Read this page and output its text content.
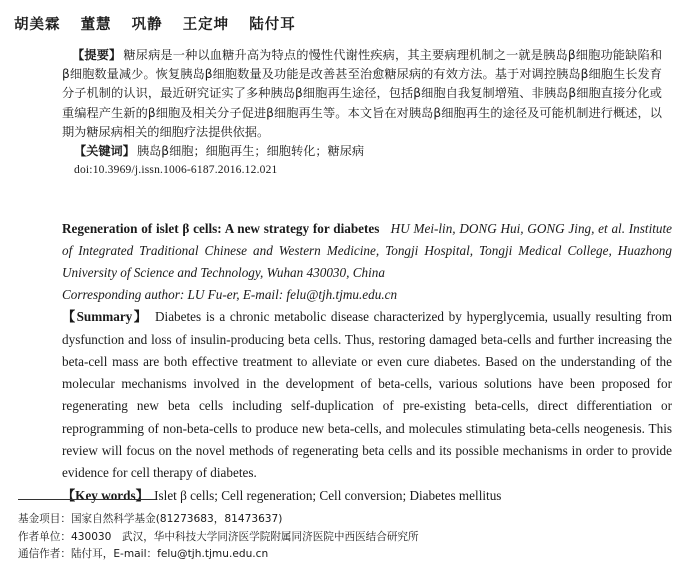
胡美霖 董慧 巩静 王定坤 陆付耳

【提要】 糖尿病是一种以血糖升高为特点的慢性代谢性疾病，其主要病理机制之一就是胰岛β细胞功能缺陷和β细胞数量减少。恢复胰岛β细胞数量及功能是改善甚至治愈糖尿病的有效方法。基于对调控胰岛β细胞生长发育分子机制的认识，最近研究证实了多种胰岛β细胞再生途径，包括β细胞自我复制增殖、非胰岛β细胞直接分化或重编程产生新的β细胞及相关分子促进β细胞再生等。本文旨在对胰岛β细胞再生的途径及可能机制进行概述，以期为糖尿病相关的细胞疗法提供依据。

【关键词】 胰岛β细胞；细胞再生；细胞转化；糖尿病

doi:10.3969/j.issn.1006-6187.2016.12.021

Regeneration of islet β cells: A new strategy for diabetes HU Mei-lin, DONG Hui, GONG Jing, et al. Institute of Integrated Traditional Chinese and Western Medicine, Tongji Hospital, Tongji Medical College, Huazhong University of Science and Technology, Wuhan 430030, China

Corresponding author: LU Fu-er, E-mail: felu@tjh.tjmu.edu.cn

【Summary】 Diabetes is a chronic metabolic disease characterized by hyperglycemia, usually resulting from dysfunction and loss of insulin-producing beta cells. Thus, restoring damaged beta-cells and further increasing the beta-cell mass are both effective treatment to alleviate or even cure diabetes. Based on the understanding of the molecular mechanisms involved in the development of beta-cells, various solutions have been proposed for regenerating new beta cells including self-duplication of pre-existing beta-cells, direct differentiation or reprogramming of non-beta-cells to produce new beta-cells, and molecules stimulating beta-cells neogenesis. This review will focus on the novel methods of regenerating beta cells and its possible mechanisms in order to provide evidence for cell therapy of diabetes.

【Key words】 Islet β cells; Cell regeneration; Cell conversion; Diabetes mellitus

基金项目：国家自然科学基金(81273683，81473637)
作者单位：430030　武汉，华中科技大学同济医学院附属同济医院中西医结合研究所
通信作者：陆付耳，E-mail：felu@tjh.tjmu.edu.cn
